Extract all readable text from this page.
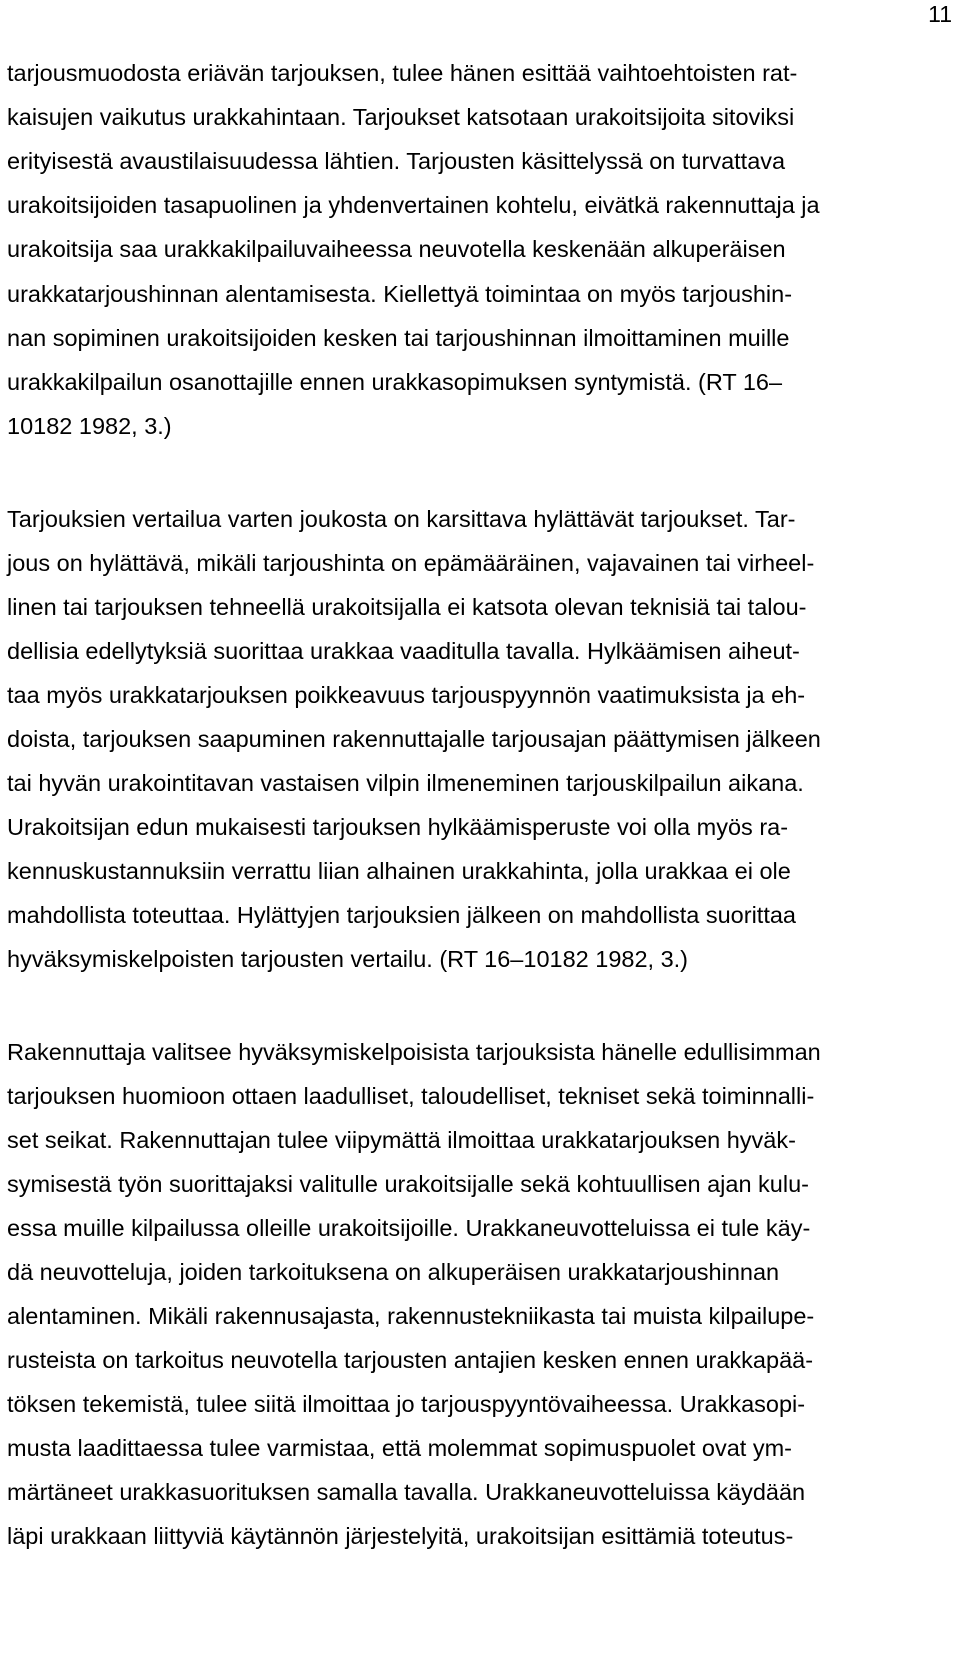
11
tarjousmuodosta eriävän tarjouksen, tulee hänen esittää vaihtoehtoisten rat-
kaisujen vaikutus urakkahintaan. Tarjoukset katsotaan urakoitsijoita sitoviksi
erityisestä avaustilaisuudessa lähtien. Tarjousten käsittelyssä on turvattava
urakoitsijoiden tasapuolinen ja yhdenvertainen kohtelu, eivätkä rakennuttaja ja
urakoitsija saa urakkakilpailuvaiheessa neuvotella keskenään alkuperäisen
urakkatarjoushinnan alentamisesta. Kiellettyä toimintaa on myös tarjoushin-
nan sopiminen urakoitsijoiden kesken tai tarjoushinnan ilmoittaminen muille
urakkakilpailun osanottajille ennen urakkasopimuksen syntymistä. (RT 16–
10182 1982, 3.)
Tarjouksien vertailua varten joukosta on karsittava hylättävät tarjoukset. Tar-
jous on hylättävä, mikäli tarjoushinta on epämääräinen, vajavainen tai virheel-
linen tai tarjouksen tehneellä urakoitsijalla ei katsota olevan teknisiä tai talou-
dellisia edellytyksiä suorittaa urakkaa vaaditulla tavalla. Hylkäämisen aiheut-
taa myös urakkatarjouksen poikkeavuus tarjouspyynnön vaatimuksista ja eh-
doista, tarjouksen saapuminen rakennuttajalle tarjousajan päättymisen jälkeen
tai hyvän urakointitavan vastaisen vilpin ilmeneminen tarjouskilpailun aikana.
Urakoitsijan edun mukaisesti tarjouksen hylkäämisperuste voi olla myös ra-
kennuskustannuksiin verrattu liian alhainen urakkahinta, jolla urakkaa ei ole
mahdollista toteuttaa. Hylättyjen tarjouksien jälkeen on mahdollista suorittaa
hyväksymiskelpoisten tarjousten vertailu. (RT 16–10182 1982, 3.)
Rakennuttaja valitsee hyväksymiskelpoisista tarjouksista hänelle edullisimman
tarjouksen huomioon ottaen laadulliset, taloudelliset, tekniset sekä toiminnalli-
set seikat. Rakennuttajan tulee viipymättä ilmoittaa urakkatarjouksen hyväk-
symisestä työn suorittajaksi valitulle urakoitsijalle sekä kohtuullisen ajan kulu-
essa muille kilpailussa olleille urakoitsijoille. Urakkaneuvotteluissa ei tule käy-
dä neuvotteluja, joiden tarkoituksena on alkuperäisen urakkatarjoushinnan
alentaminen. Mikäli rakennusajasta, rakennustekniikasta tai muista kilpailupe-
rusteista on tarkoitus neuvotella tarjousten antajien kesken ennen urakkapää-
töksen tekemistä, tulee siitä ilmoittaa jo tarjouspyyntövaiheessa. Urakkasopi-
musta laadittaessa tulee varmistaa, että molemmat sopimuspuolet ovat ym-
märtäneet urakkasuorituksen samalla tavalla. Urakkaneuvotteluissa käydään
läpi urakkaan liittyviä käytännön järjestelyitä, urakoitsijan esittämiä toteutus-
